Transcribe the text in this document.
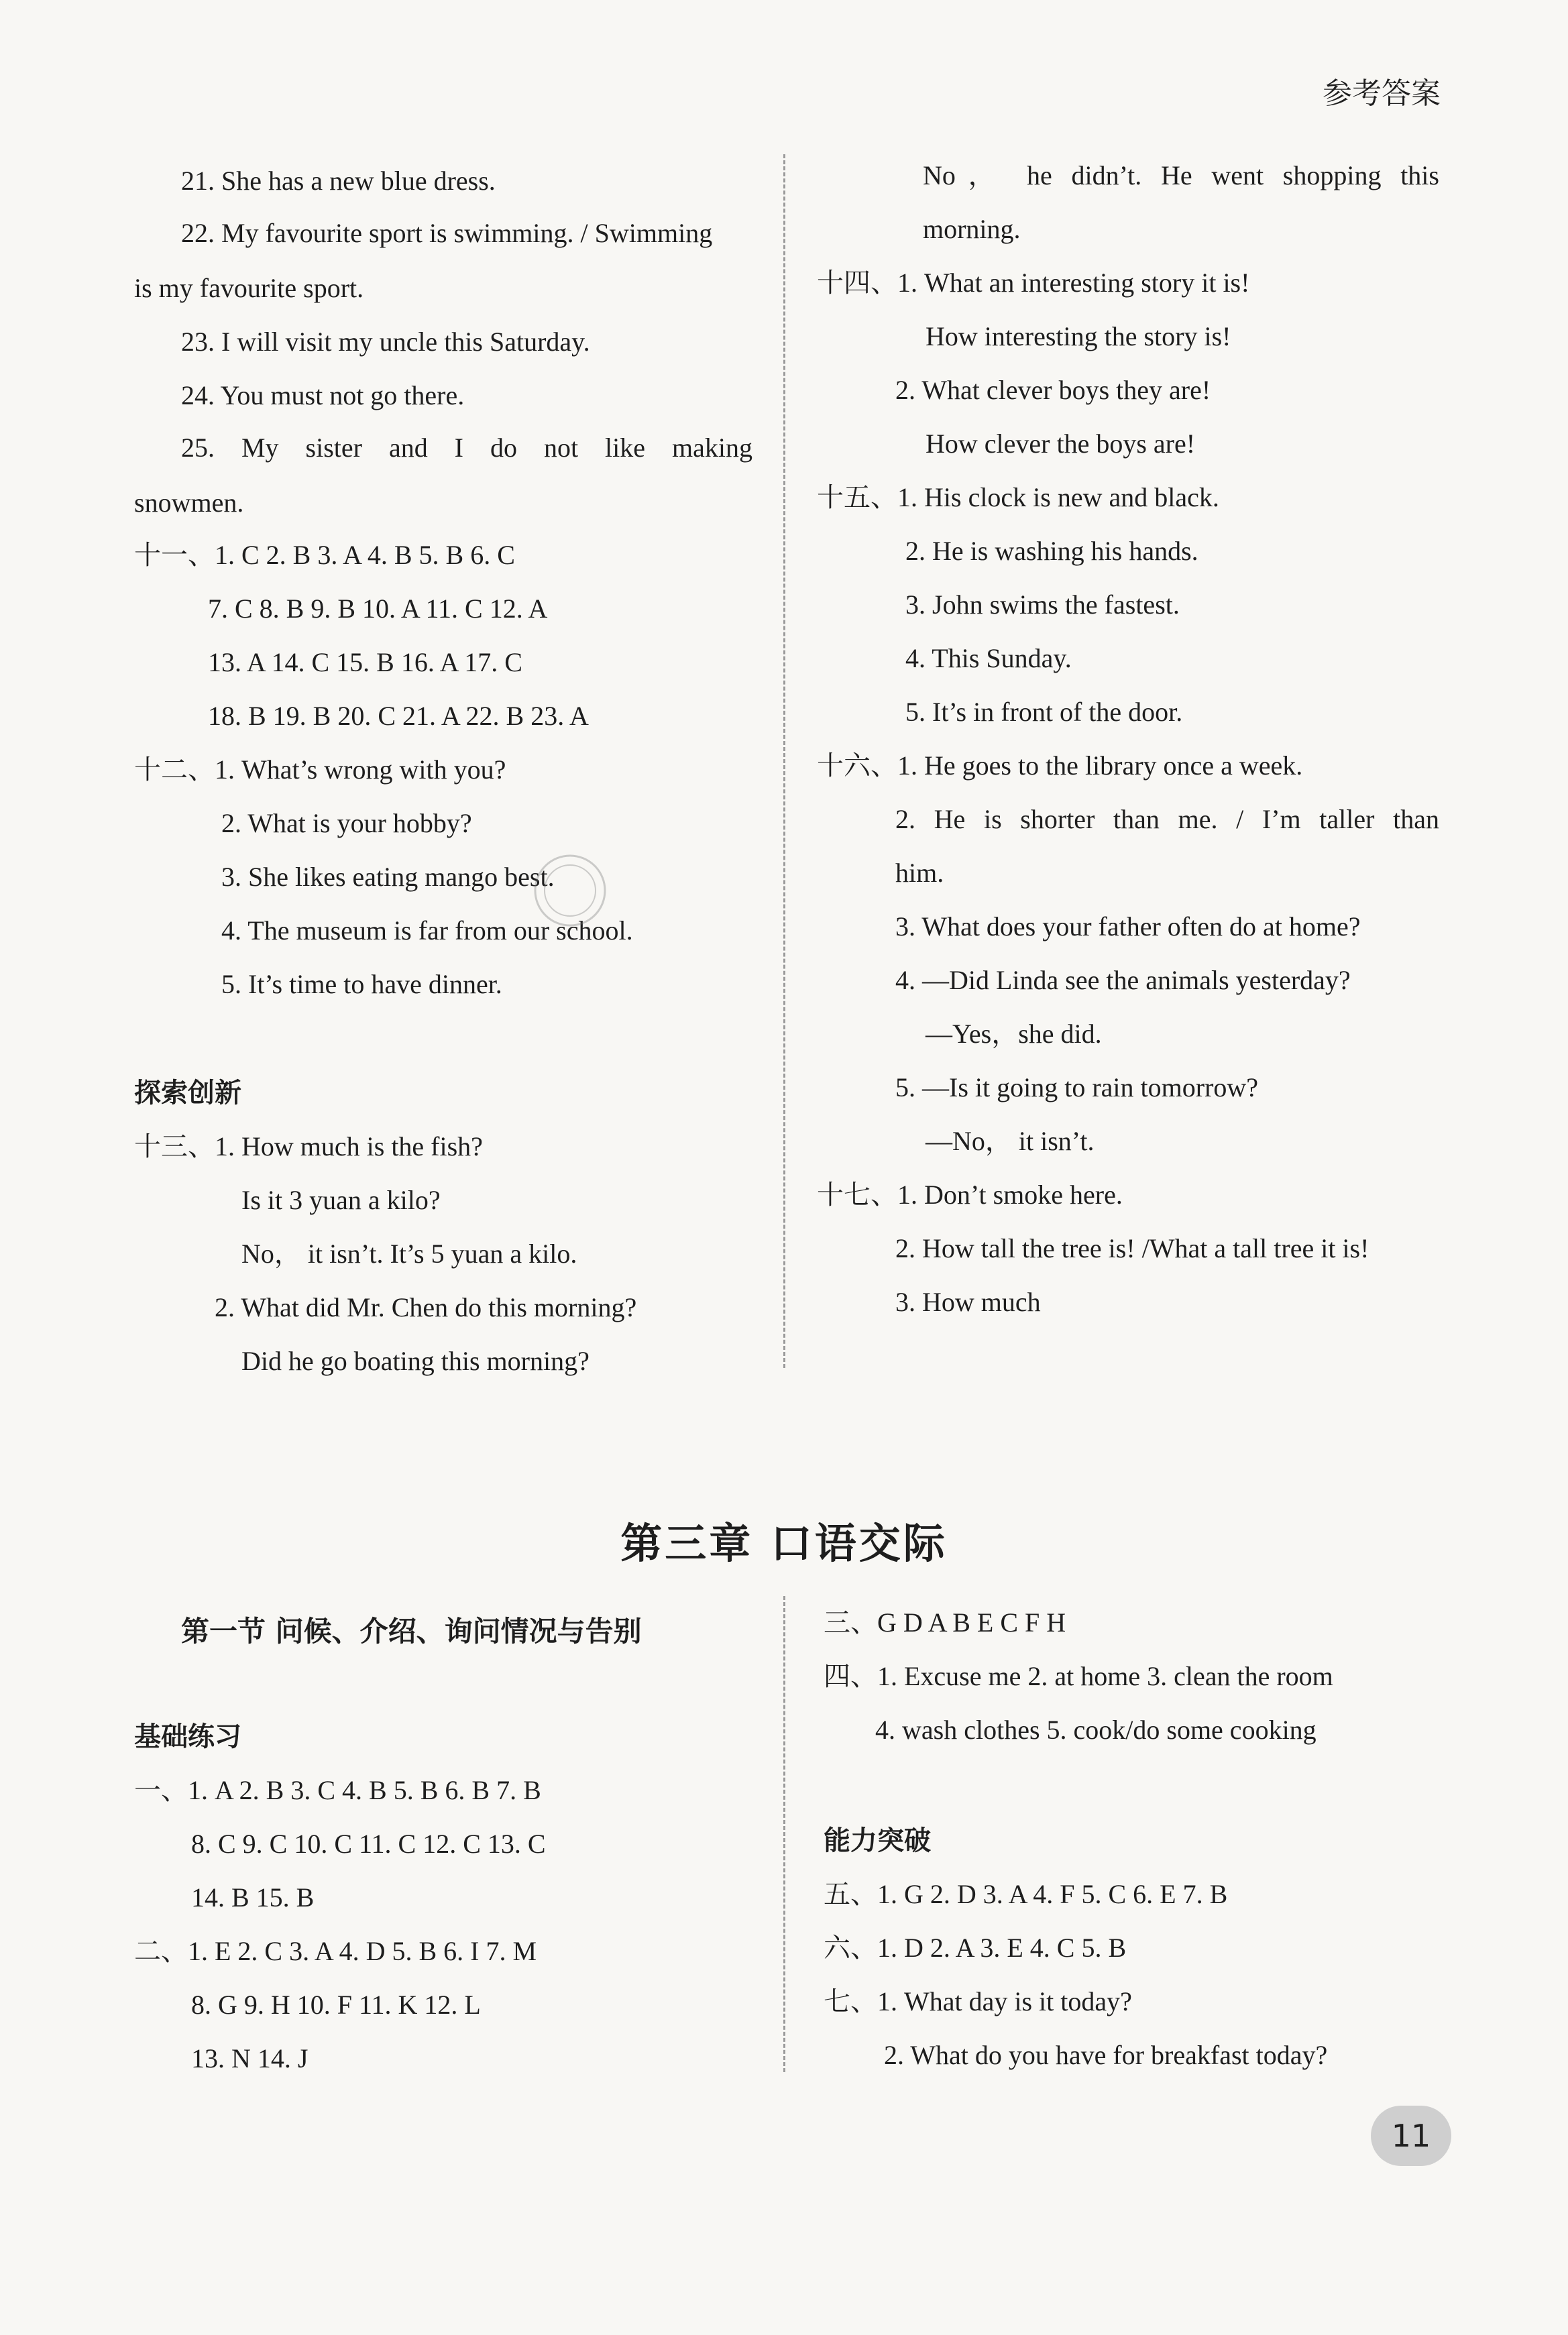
参考答案
21. She has a new blue dress.
22. My favourite sport is swimming. / Swimming
is my favourite sport.
23. I will visit my uncle this Saturday.
24. You must not go there.
25. My sister and I do not like making
snowmen.
十一、1. C 2. B 3. A 4. B 5. B 6. C
7. C 8. B 9. B 10. A 11. C 12. A
13. A 14. C 15. B 16. A 17. C
18. B 19. B 20. C 21. A 22. B 23. A
十二、1. What’s wrong with you?
2. What is your hobby?
3. She likes eating mango best.
4. The museum is far from our school.
5. It’s time to have dinner.
探索创新
十三、1. How much is the fish?
Is it 3 yuan a kilo?
No， it isn’t. It’s 5 yuan a kilo.
2. What did Mr. Chen do this morning?
Did he go boating this morning?
No， he didn’t. He went shopping this
morning.
十四、1. What an interesting story it is!
How interesting the story is!
2. What clever boys they are!
How clever the boys are!
十五、1. His clock is new and black.
2. He is washing his hands.
3. John swims the fastest.
4. This Sunday.
5. It’s in front of the door.
十六、1. He goes to the library once a week.
2. He is shorter than me. / I’m taller than
him.
3. What does your father often do at home?
4. —Did Linda see the animals yesterday?
—Yes，she did.
5. —Is it going to rain tomorrow?
—No， it isn’t.
十七、1. Don’t smoke here.
2. How tall the tree is! /What a tall tree it is!
3. How much
第三章 口语交际
第一节 问候、介绍、询问情况与告别
基础练习
一、1. A 2. B 3. C 4. B 5. B 6. B 7. B
8. C 9. C 10. C 11. C 12. C 13. C
14. B 15. B
二、1. E 2. C 3. A 4. D 5. B 6. I 7. M
8. G 9. H 10. F 11. K 12. L
13. N 14. J
三、G D A B E C F H
四、1. Excuse me 2. at home 3. clean the room
4. wash clothes 5. cook/do some cooking
能力突破
五、1. G 2. D 3. A 4. F 5. C 6. E 7. B
六、1. D 2. A 3. E 4. C 5. B
七、1. What day is it today?
2. What do you have for breakfast today?
11
